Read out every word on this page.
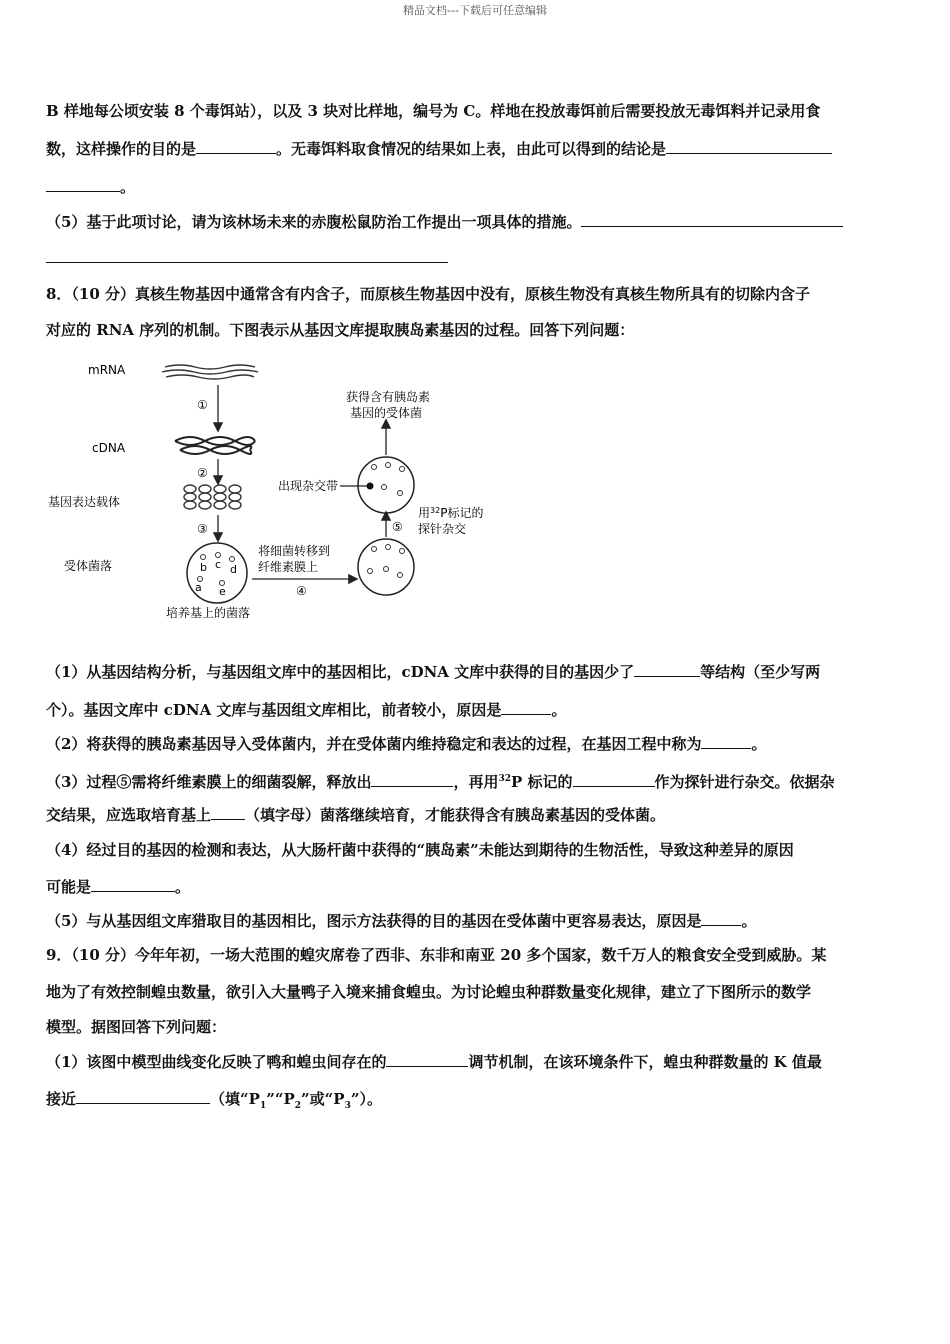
精品文档---下载后可任意编辑
B 样地每公顷安装 8 个毒饵站），以及 3 块对比样地，编号为 C。样地在投放毒饵前后需要投放无毒饵料并记录用食
数，这样操作的目的是	。无毒饵料取食情况的结果如上表，由此可以得到的结论是
。
（5）基于此项讨论，请为该林场未来的赤腹松鼠防治工作提出一项具体的措施。
8．（10 分）真核生物基因中通常含有内含子，而原核生物基因中没有，原核生物没有真核生物所具有的切除内含子
对应的 RNA 序列的机制。下图表示从基因文库提取胰岛素基因的过程。回答下列问题：
mRNA
cDNA
基因表达载体
受体菌落
①
②
③
b c d
a e
培养基上的菌落
将细菌转移到
纤维素膜上
④
⑤
用$^{32}$P标记的
探针杂交
出现杂交带
获得含有胰岛素
基因的受体菌
（1）从基因结构分析，与基因组文库中的基因相比，cDNA 文库中获得的目的基因少了	等结构（至少写两
个）。基因文库中 cDNA 文库与基因组文库相比，前者较小，原因是	。
（2）将获得的胰岛素基因导入受体菌内，并在受体菌内维持稳定和表达的过程，在基因工程中称为	。
（3）过程⑤需将纤维素膜上的细菌裂解，释放出	，再用$^{32}$P 标记的	作为探针进行杂交。依据杂
交结果，应选取培育基上 （填字母）菌落继续培育，才能获得含有胰岛素基因的受体菌。
（4）经过目的基因的检测和表达，从大肠杆菌中获得的“胰岛素”未能达到期待的生物活性，导致这种差异的原因
可能是	。
（5）与从基因组文库猎取目的基因相比，图示方法获得的目的基因在受体菌中更容易表达，原因是	。
9．（10 分）今年年初，一场大范围的蝗灾席卷了西非、东非和南亚 20 多个国家，数千万人的粮食安全受到威胁。某
地为了有效控制蝗虫数量，欲引入大量鸭子入境来捕食蝗虫。为讨论蝗虫种群数量变化规律，建立了下图所示的数学
模型。据图回答下列问题：
（1）该图中模型曲线变化反映了鸭和蝗虫间存在的	调节机制，在该环境条件下，蝗虫种群数量的 K 值最
接近	（填“$P_1”“P_2$”或“$P_3$”）。
